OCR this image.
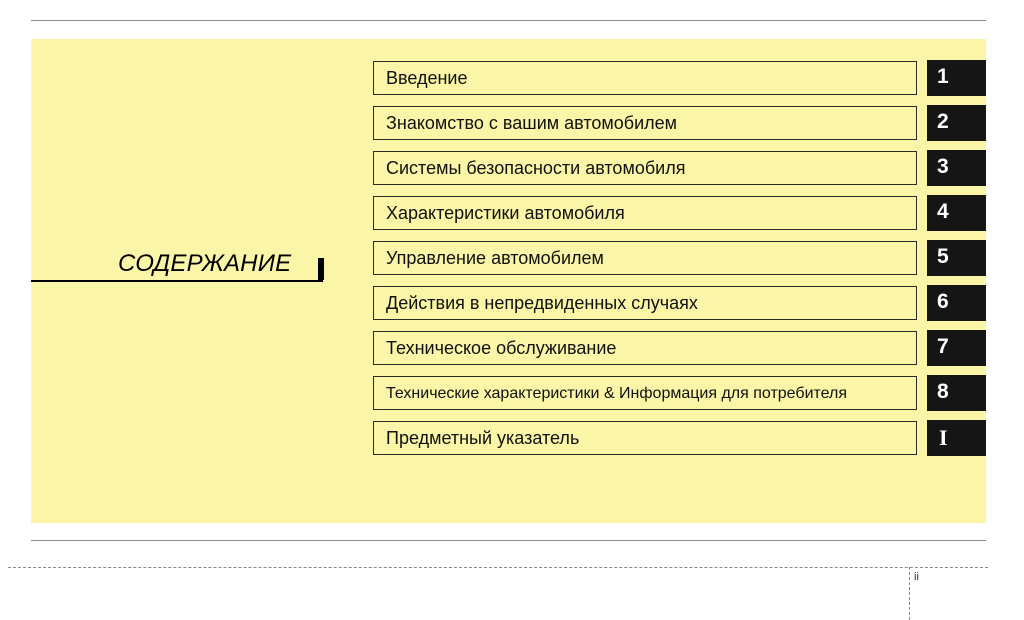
СОДЕРЖАНИЕ
Введение	1
Знакомство с вашим автомобилем	2
Системы безопасности автомобиля	3
Характеристики автомобиля	4
Управление автомобилем	5
Действия в непредвиденных случаях	6
Техническое обслуживание	7
Технические характеристики & Информация для потребителя	8
Предметный указатель	I
ii
